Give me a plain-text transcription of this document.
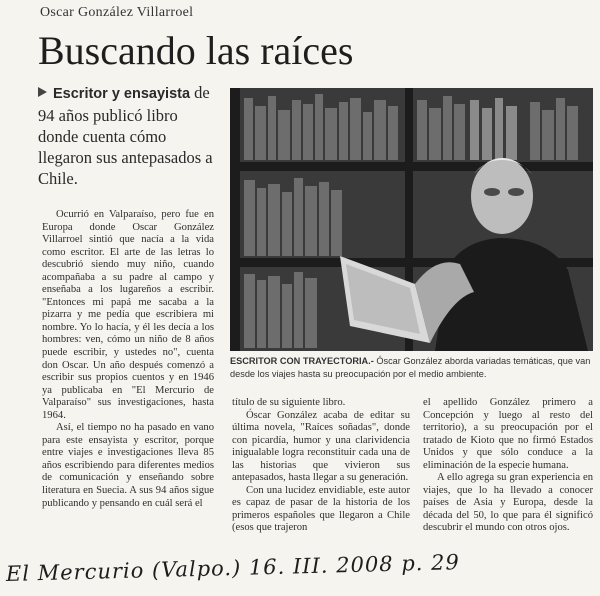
Oscar González Villarroel
Buscando las raíces
Escritor y ensayista de 94 años publicó libro donde cuenta cómo llegaron sus antepasados a Chile.
ESCRITOR CON TRAYECTORIA.- Óscar González aborda variadas temáticas, que van desde los viajes hasta su preocupación por el medio ambiente.

Ocurrió en Valparaíso, pero fue en Europa donde Oscar González Villarroel sintió que nacía a la vida como escritor. El arte de las letras lo descubrió siendo muy niño, cuando acompañaba a su padre al campo y enseñaba a los lugareños a escribir. "Entonces mi papá me sacaba a la pizarra y me pedía que escribiera mi nombre. Yo lo hacía, y él les decía a los hombres: ven, cómo un niño de 8 años puede escribir, y ustedes no", cuenta don Oscar. Un año después comenzó a escribir sus propios cuentos y en 1946 ya publicaba en "El Mercurio de Valparaíso" sus investigaciones, hasta 1964.

Así, el tiempo no ha pasado en vano para este ensayista y escritor, porque entre viajes e investigaciones lleva 85 años escribiendo para diferentes medios de comunicación y enseñando sobre literatura en Suecia. A sus 94 años sigue publicando y pensando en cuál será el

título de su siguiente libro.

Óscar González acaba de editar su última novela, "Raíces soñadas", donde con picardía, humor y una clarividencia inigualable logra reconstituir cada una de las historias que vivieron sus antepasados, hasta llegar a su generación.

Con una lucidez envidiable, este autor es capaz de pasar de la historia de los primeros españoles que llegaron a Chile (esos que trajeron

el apellido González primero a Concepción y luego al resto del territorio), a su preocupación por el tratado de Kioto que no firmó Estados Unidos y que sólo conduce a la eliminación de la especie humana.

A ello agrega su gran experiencia en viajes, que lo ha llevado a conocer países de Asia y Europa, desde la década del 50, lo que para él significó descubrir el mundo con otros ojos.

El Mercurio (Valpo.) 16. III. 2008 p. 29
